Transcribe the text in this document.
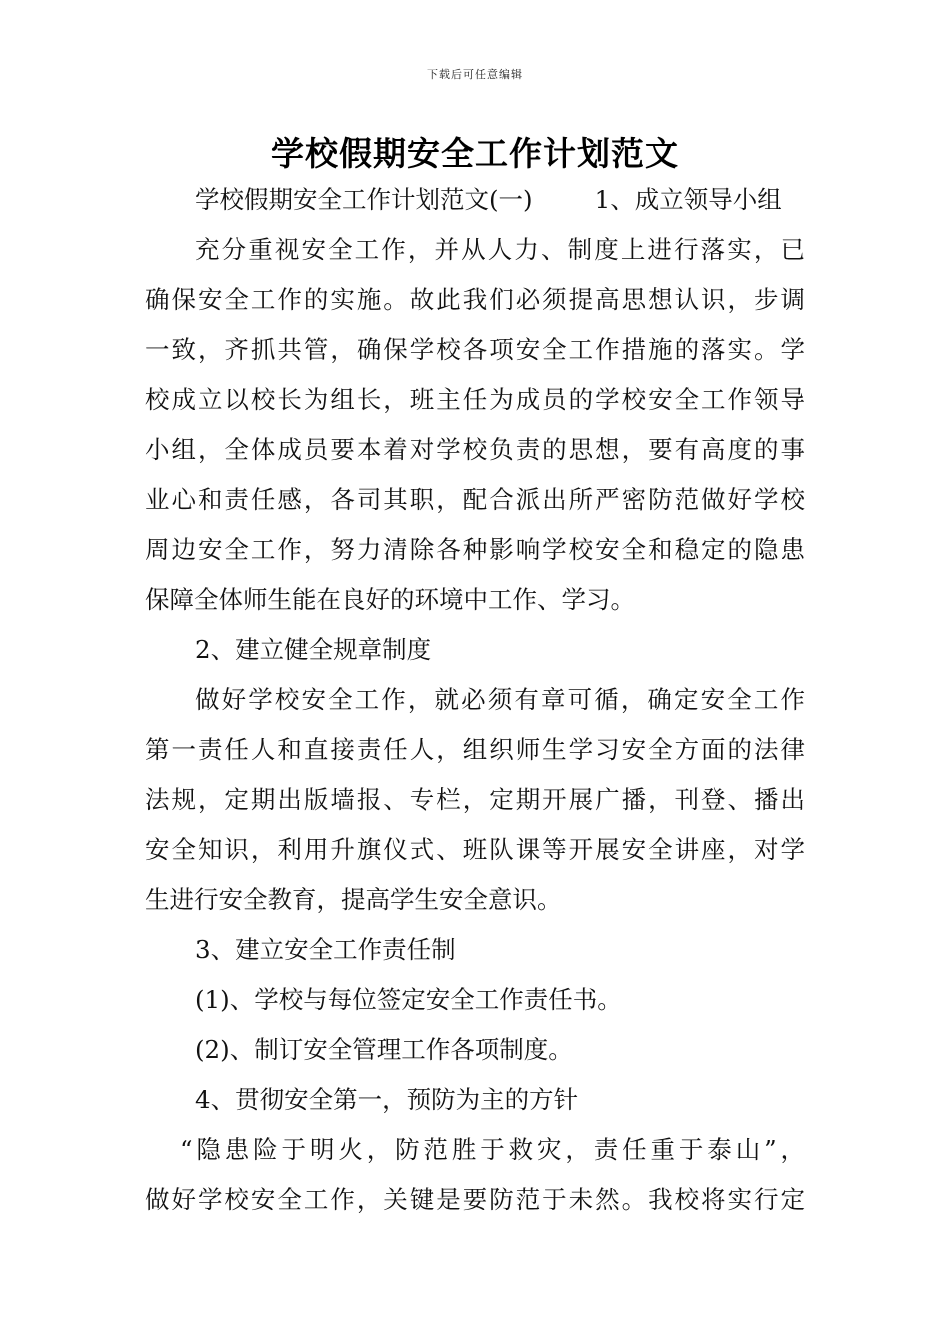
下载后可任意编辑
学校假期安全工作计划范文
学校假期安全工作计划范文(一)	1、成立领导小组
充分重视安全工作，并从人力、制度上进行落实，已
确保安全工作的实施。故此我们必须提高思想认识，步调
一致，齐抓共管，确保学校各项安全工作措施的落实。学
校成立以校长为组长，班主任为成员的学校安全工作领导
小组，全体成员要本着对学校负责的思想，要有高度的事
业心和责任感，各司其职，配合派出所严密防范做好学校
周边安全工作，努力清除各种影响学校安全和稳定的隐患
保障全体师生能在良好的环境中工作、学习。
2、建立健全规章制度
做好学校安全工作，就必须有章可循，确定安全工作
第一责任人和直接责任人，组织师生学习安全方面的法律
法规，定期出版墙报、专栏，定期开展广播，刊登、播出
安全知识，利用升旗仪式、班队课等开展安全讲座，对学
生进行安全教育，提高学生安全意识。
3、建立安全工作责任制
(1)、学校与每位签定安全工作责任书。
(2)、制订安全管理工作各项制度。
4、贯彻安全第一，预防为主的方针
“隐患险于明火，防范胜于救灾，责任重于泰山”，
做好学校安全工作，关键是要防范于未然。我校将实行定
